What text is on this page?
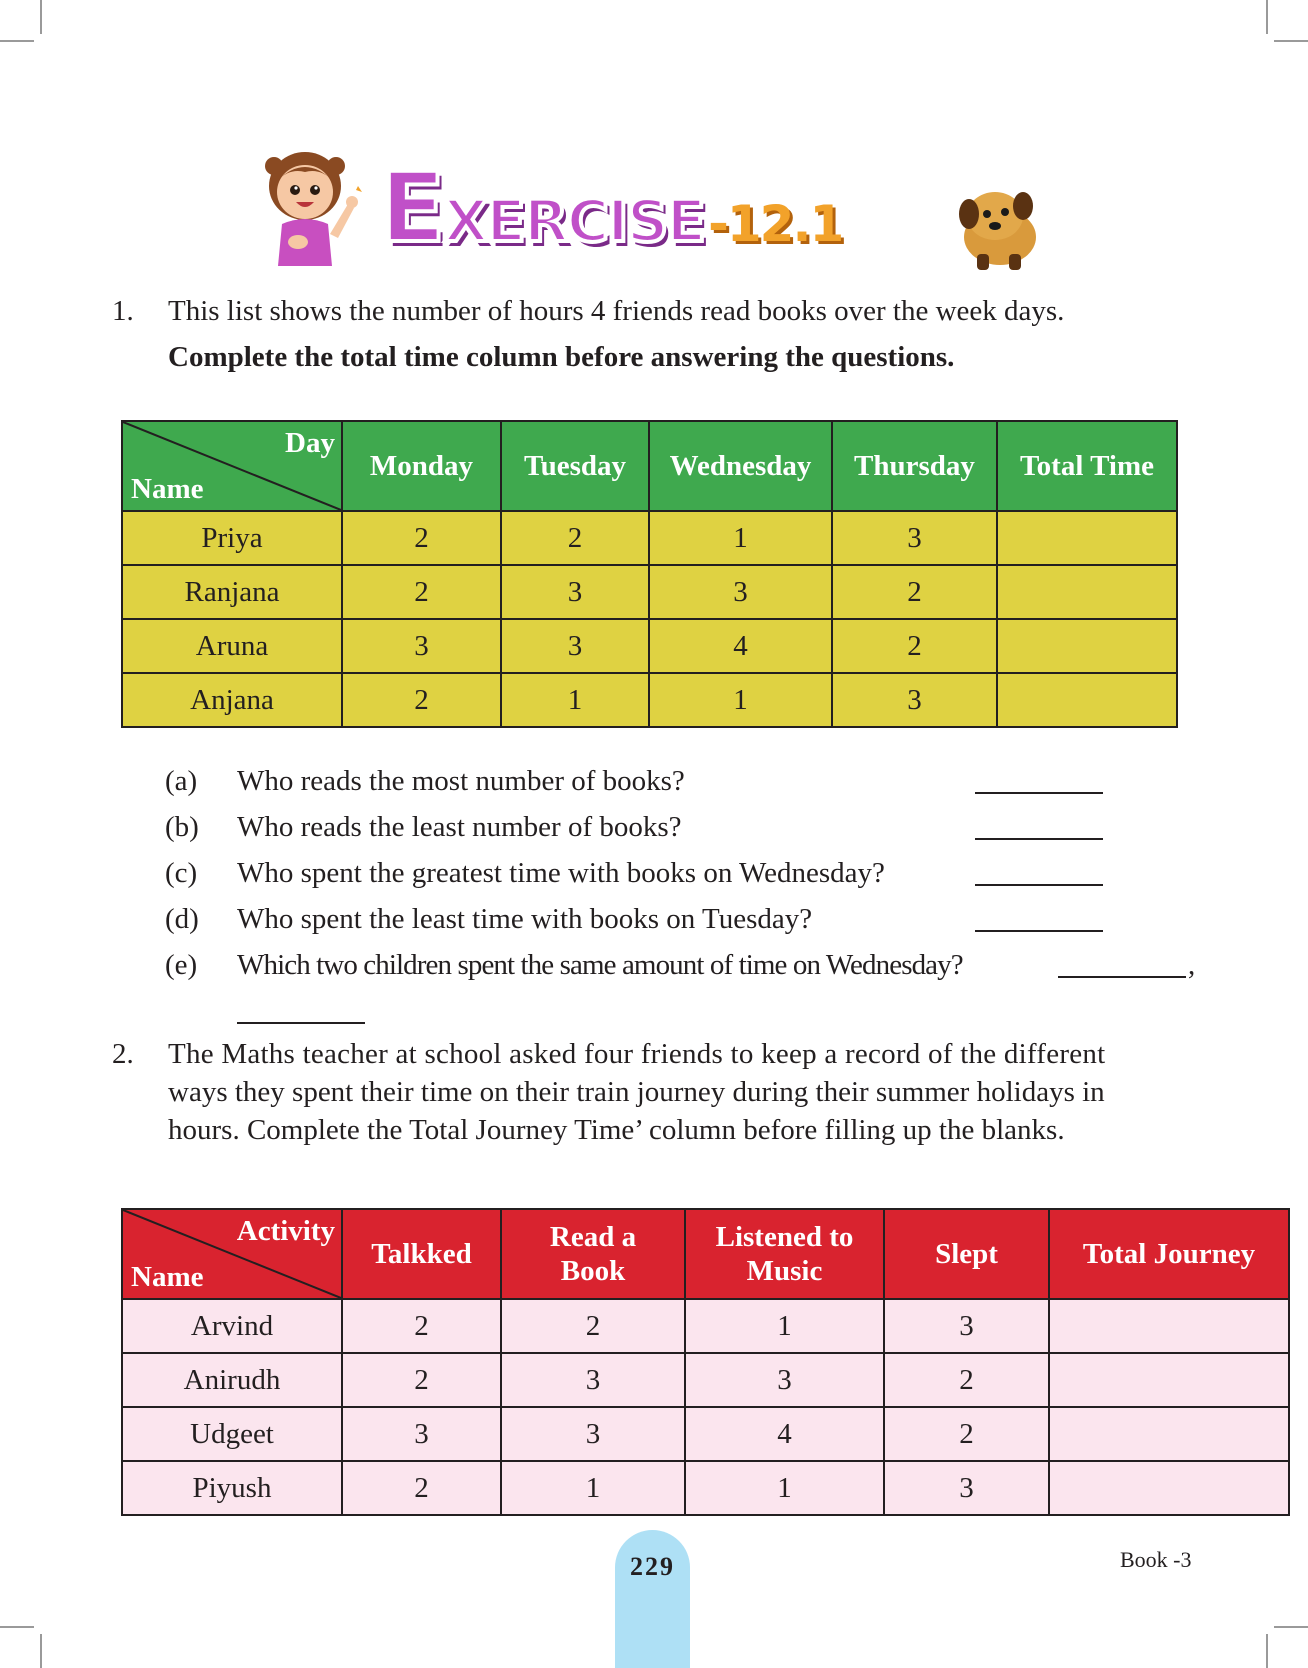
E XERCISE -12.1
1. This list shows the number of hours 4 friends read books over the week days.
Complete the total time column before answering the questions.
Day
Name	Monday	Tuesday	Wednesday	Thursday	Total Time
Priya	2	2	1	3	
Ranjana	2	3	3	2	
Aruna	3	3	4	2	
Anjana	2	1	1	3	
(a) Who reads the most number of books?
(b) Who reads the least number of books?
(c) Who spent the greatest time with books on Wednesday?
(d) Who spent the least time with books on Tuesday?
(e) Which two children spent the same amount of time on Wednesday?	,
2. The Maths teacher at school asked four friends to keep a record of the different
ways they spent their time on their train journey during their summer holidays in
hours. Complete the Total Journey Time’ column before filling up the blanks.
Activity
Name	Talkked	Read a Book	Listened to Music	Slept	Total Journey
Arvind	2	2	1	3	
Anirudh	2	3	3	2	
Udgeet	3	3	4	2	
Piyush	2	1	1	3	
229	Book -3
